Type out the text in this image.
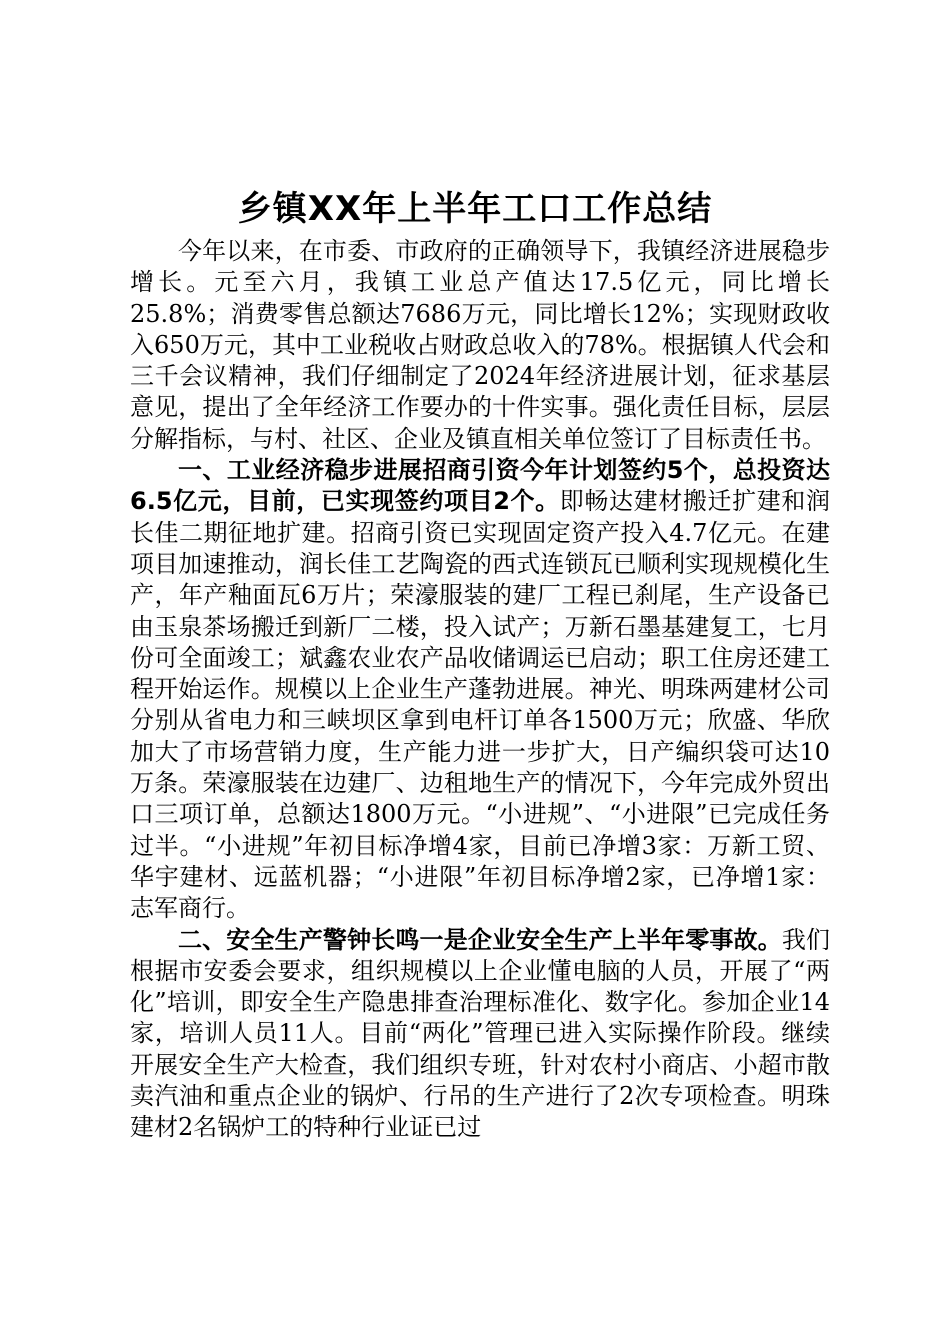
乡镇XX年上半年工口工作总结

今年以来，在市委、市政府的正确领导下，我镇经济进展稳步增长。元至六月，我镇工业总产值达17.5亿元，同比增长25.8%；消费零售总额达7686万元，同比增长12%；实现财政收入650万元，其中工业税收占财政总收入的78%。根据镇人代会和三千会议精神，我们仔细制定了2024年经济进展计划，征求基层意见，提出了全年经济工作要办的十件实事。强化责任目标，层层分解指标，与村、社区、企业及镇直相关单位签订了目标责任书。

一、工业经济稳步进展招商引资今年计划签约5个，总投资达6.5亿元，目前，已实现签约项目2个。即畅达建材搬迁扩建和润长佳二期征地扩建。招商引资已实现固定资产投入4.7亿元。在建项目加速推动，润长佳工艺陶瓷的西式连锁瓦已顺利实现规模化生产，年产釉面瓦6万片；荣濠服装的建厂工程已刹尾，生产设备已由玉泉茶场搬迁到新厂二楼，投入试产；万新石墨基建复工，七月份可全面竣工；斌鑫农业农产品收储调运已启动；职工住房还建工程开始运作。规模以上企业生产蓬勃进展。神光、明珠两建材公司分别从省电力和三峡坝区拿到电杆订单各1500万元；欣盛、华欣加大了市场营销力度，生产能力进一步扩大，日产编织袋可达10万条。荣濠服装在边建厂、边租地生产的情况下，今年完成外贸出口三项订单，总额达1800万元。“小进规”、“小进限”已完成任务过半。“小进规”年初目标净增4家，目前已净增3家：万新工贸、华宇建材、远蓝机器；“小进限”年初目标净增2家，已净增1家：志军商行。

二、安全生产警钟长鸣一是企业安全生产上半年零事故。我们根据市安委会要求，组织规模以上企业懂电脑的人员，开展了“两化”培训，即安全生产隐患排查治理标准化、数字化。参加企业14家，培训人员11人。目前“两化”管理已进入实际操作阶段。继续开展安全生产大检查，我们组织专班，针对农村小商店、小超市散卖汽油和重点企业的锅炉、行吊的生产进行了2次专项检查。明珠建材2名锅炉工的特种行业证已过
